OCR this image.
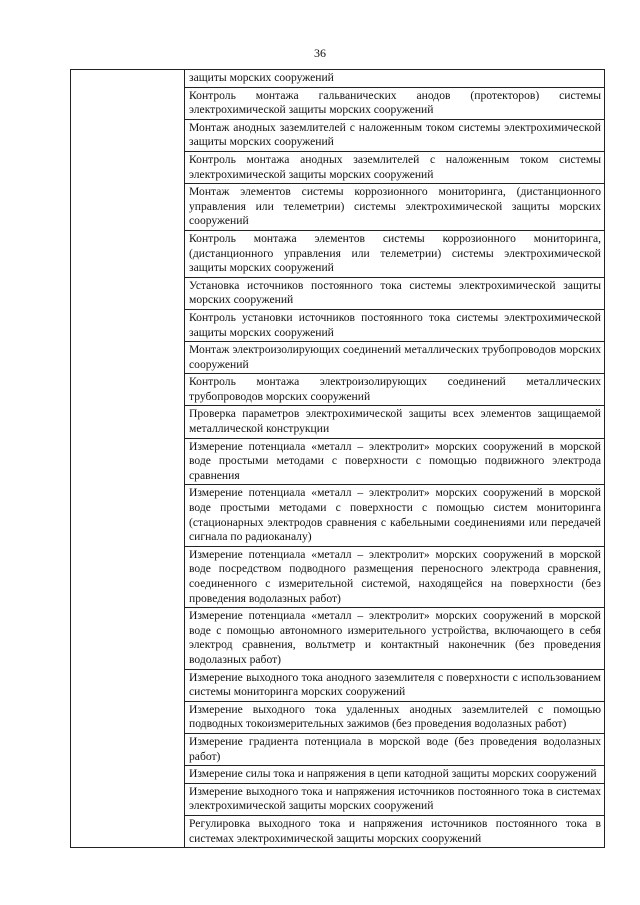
36
защиты морских сооружений
Контроль монтажа гальванических анодов (протекторов) системы электрохимической защиты морских сооружений
Монтаж анодных заземлителей с наложенным током системы электрохимической защиты морских сооружений
Контроль монтажа анодных заземлителей с наложенным током системы электрохимической защиты морских сооружений
Монтаж элементов системы коррозионного мониторинга, (дистанционного управления или телеметрии) системы электрохимической защиты морских сооружений
Контроль монтажа элементов системы коррозионного мониторинга, (дистанционного управления или телеметрии) системы электрохимической защиты морских сооружений
Установка источников постоянного тока системы электрохимической защиты морских сооружений
Контроль установки источников постоянного тока системы электрохимической защиты морских сооружений
Монтаж электроизолирующих соединений металлических трубопроводов морских сооружений
Контроль монтажа электроизолирующих соединений металлических трубопроводов морских сооружений
Проверка параметров электрохимической защиты всех элементов защищаемой металлической конструкции
Измерение потенциала «металл – электролит» морских сооружений в морской воде простыми методами с поверхности с помощью подвижного электрода сравнения
Измерение потенциала «металл – электролит» морских сооружений в морской воде простыми методами с поверхности с помощью систем мониторинга (стационарных электродов сравнения с кабельными соединениями или передачей сигнала по радиоканалу)
Измерение потенциала «металл – электролит» морских сооружений в морской воде посредством подводного размещения переносного электрода сравнения, соединенного с измерительной системой, находящейся на поверхности (без проведения водолазных работ)
Измерение потенциала «металл – электролит» морских сооружений в морской воде с помощью автономного измерительного устройства, включающего в себя электрод сравнения, вольтметр и контактный наконечник (без проведения водолазных работ)
Измерение выходного тока анодного заземлителя с поверхности с использованием системы мониторинга морских сооружений
Измерение выходного тока удаленных анодных заземлителей с помощью подводных токоизмерительных зажимов (без проведения водолазных работ)
Измерение градиента потенциала в морской воде (без проведения водолазных работ)
Измерение силы тока и напряжения в цепи катодной защиты морских сооружений
Измерение выходного тока и напряжения источников постоянного тока в системах электрохимической защиты морских сооружений
Регулировка выходного тока и напряжения источников постоянного тока в системах электрохимической защиты морских сооружений
